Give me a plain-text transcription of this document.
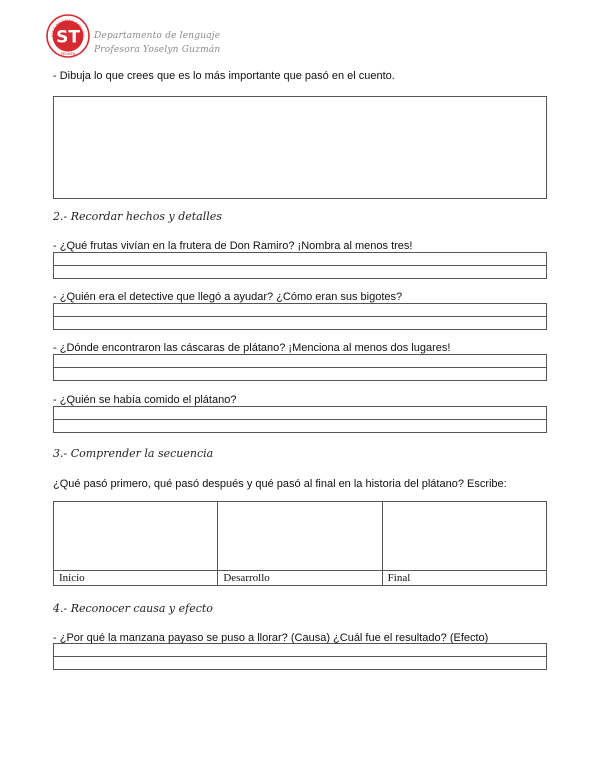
AINT THOMAS COLLEG
ST
PELIHEN
Departamento de lenguaje
Profesora Yoselyn Guzmán
- Dibuja lo que crees que es lo más importante que pasó en el cuento.
2.- Recordar hechos y detalles
- ¿Qué frutas vivían en la frutera de Don Ramiro? ¡Nombra al menos tres!
- ¿Quién era el detective que llegó a ayudar? ¿Cómo eran sus bigotes?
- ¿Dónde encontraron las cáscaras de plátano? ¡Menciona al menos dos lugares!
- ¿Quién se había comido el plátano?
3.- Comprender la secuencia
¿Qué pasó primero, qué pasó después y qué pasó al final en la historia del plátano? Escribe:
Inicio	Desarrollo	Final
4.- Reconocer causa y efecto
- ¿Por qué la manzana payaso se puso a llorar? (Causa) ¿Cuál fue el resultado? (Efecto)
